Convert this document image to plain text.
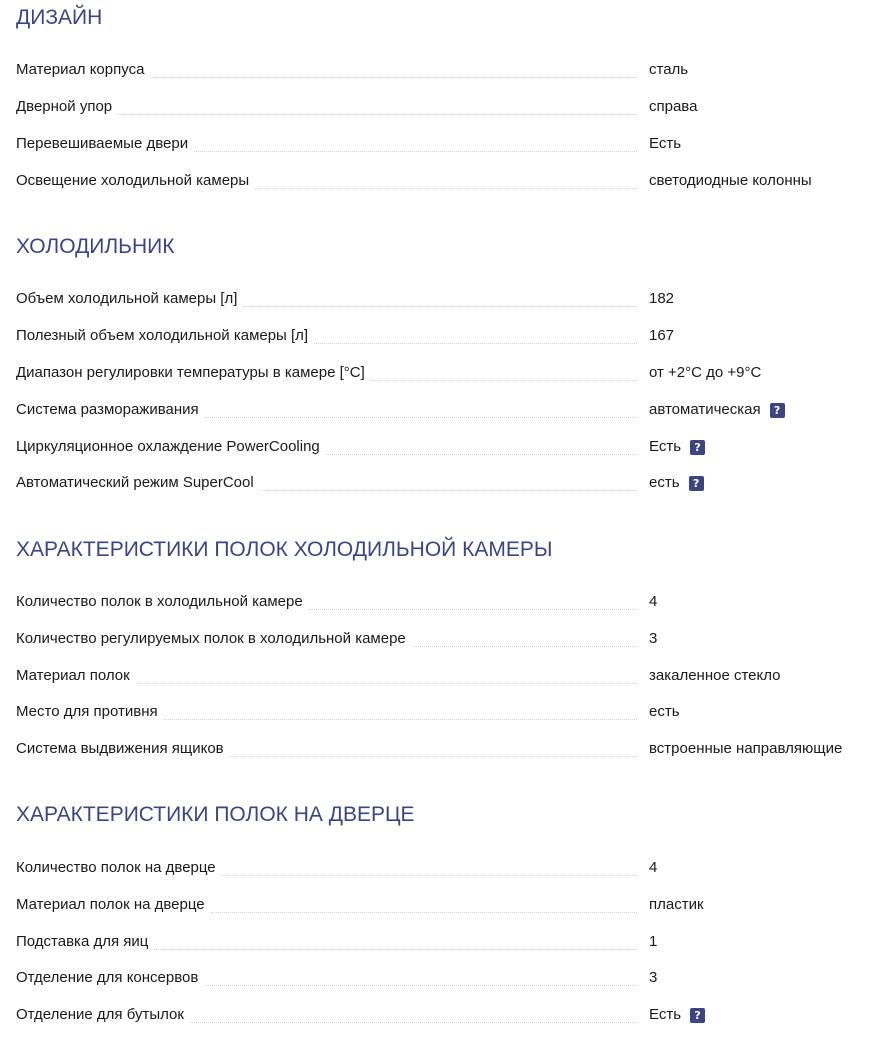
ДИЗАЙН
Материал корпуса	сталь
Дверной упор	справа
Перевешиваемые двери	Есть
Освещение холодильной камеры	светодиодные колонны
ХОЛОДИЛЬНИК
Объем холодильной камеры [л]	182
Полезный объем холодильной камеры [л]	167
Диапазон регулировки температуры в камере [°C]	от +2°C до +9°C
Система размораживания	автоматическая	?
Циркуляционное охлаждение PowerCooling	Есть	?
Автоматический режим SuperCool	есть	?
ХАРАКТЕРИСТИКИ ПОЛОК ХОЛОДИЛЬНОЙ КАМЕРЫ
Количество полок в холодильной камере	4
Количество регулируемых полок в холодильной камере	3
Материал полок	закаленное стекло
Место для противня	есть
Система выдвижения ящиков	встроенные направляющие
ХАРАКТЕРИСТИКИ ПОЛОК НА ДВЕРЦЕ
Количество полок на дверце	4
Материал полок на дверце	пластик
Подставка для яиц	1
Отделение для консервов	3
Отделение для бутылок	Есть	?
